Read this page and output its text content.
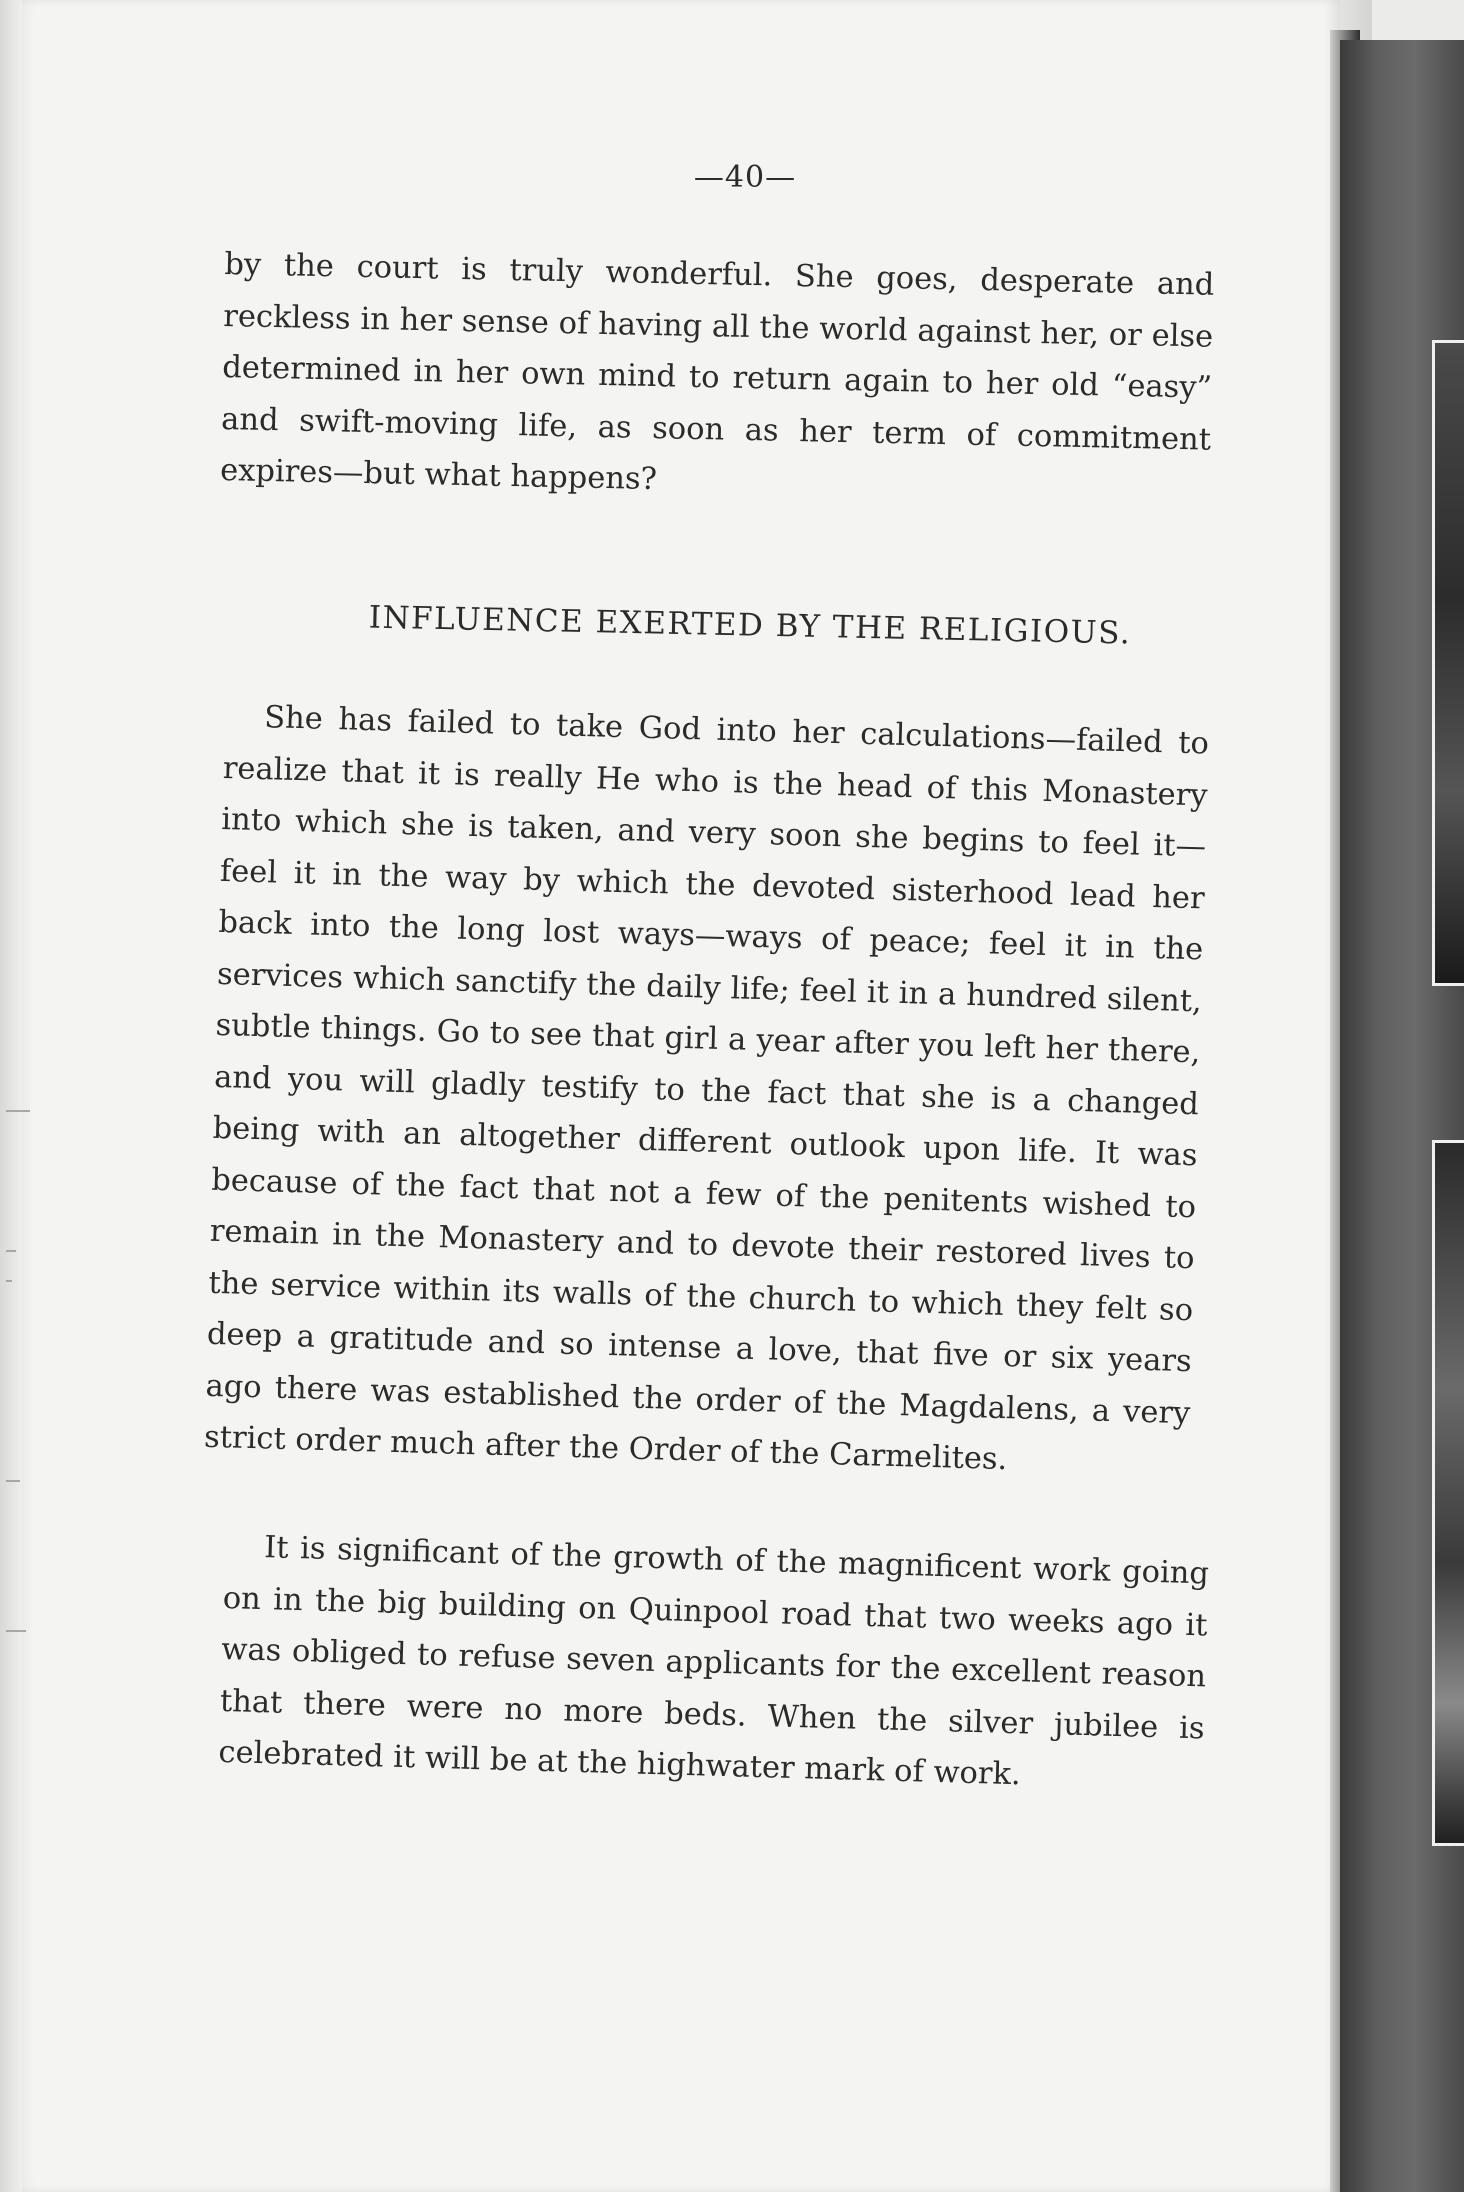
—40—

by the court is truly wonderful. She goes, desperate and reckless in her sense of having all the world against her, or else determined in her own mind to return again to her old “easy” and swift-moving life, as soon as her term of commitment expires—but what happens?

INFLUENCE EXERTED BY THE RELIGIOUS.

She has failed to take God into her calculations—failed to realize that it is really He who is the head of this Monastery into which she is taken, and very soon she begins to feel it—feel it in the way by which the devoted sisterhood lead her back into the long lost ways—ways of peace; feel it in the services which sanctify the daily life; feel it in a hundred silent, subtle things. Go to see that girl a year after you left her there, and you will gladly testify to the fact that she is a changed being with an altogether different outlook upon life. It was because of the fact that not a few of the penitents wished to remain in the Monastery and to devote their restored lives to the service within its walls of the church to which they felt so deep a gratitude and so intense a love, that five or six years ago there was established the order of the Magdalens, a very strict order much after the Order of the Carmelites.

It is significant of the growth of the magnificent work going on in the big building on Quinpool road that two weeks ago it was obliged to refuse seven applicants for the excellent reason that there were no more beds. When the silver jubilee is celebrated it will be at the highwater mark of work.
